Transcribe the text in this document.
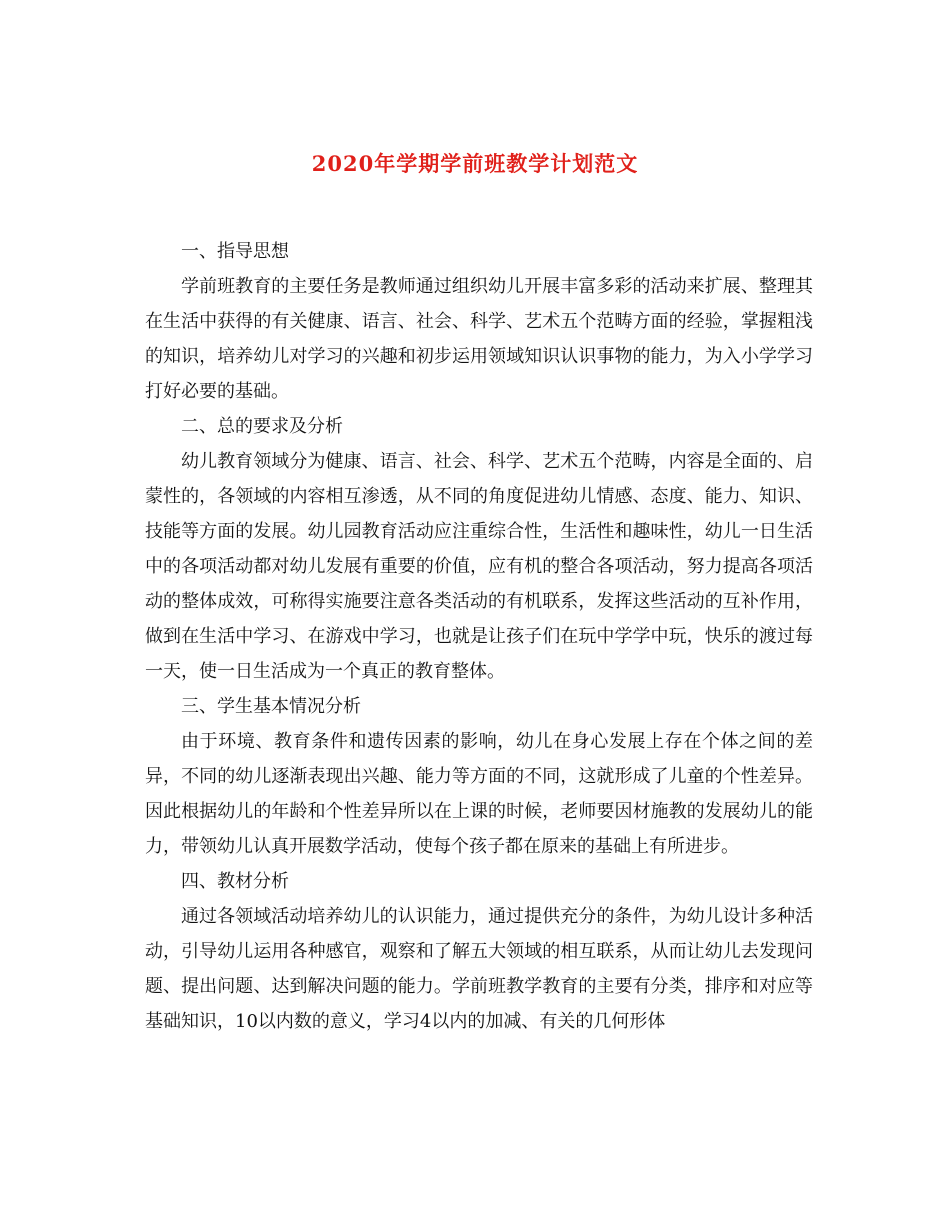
2020年学期学前班教学计划范文

一、指导思想

学前班教育的主要任务是教师通过组织幼儿开展丰富多彩的活动来扩展、整理其在生活中获得的有关健康、语言、社会、科学、艺术五个范畴方面的经验，掌握粗浅的知识，培养幼儿对学习的兴趣和初步运用领域知识认识事物的能力，为入小学学习打好必要的基础。

二、总的要求及分析

幼儿教育领域分为健康、语言、社会、科学、艺术五个范畴，内容是全面的、启蒙性的，各领域的内容相互渗透，从不同的角度促进幼儿情感、态度、能力、知识、技能等方面的发展。幼儿园教育活动应注重综合性，生活性和趣味性，幼儿一日生活中的各项活动都对幼儿发展有重要的价值，应有机的整合各项活动，努力提高各项活动的整体成效，可称得实施要注意各类活动的有机联系，发挥这些活动的互补作用，做到在生活中学习、在游戏中学习，也就是让孩子们在玩中学学中玩，快乐的渡过每一天，使一日生活成为一个真正的教育整体。

三、学生基本情况分析

由于环境、教育条件和遗传因素的影响，幼儿在身心发展上存在个体之间的差异，不同的幼儿逐渐表现出兴趣、能力等方面的不同，这就形成了儿童的个性差异。因此根据幼儿的年龄和个性差异所以在上课的时候，老师要因材施教的发展幼儿的能力，带领幼儿认真开展数学活动，使每个孩子都在原来的基础上有所进步。

四、教材分析

通过各领域活动培养幼儿的认识能力，通过提供充分的条件，为幼儿设计多种活动，引导幼儿运用各种感官，观察和了解五大领域的相互联系，从而让幼儿去发现问题、提出问题、达到解决问题的能力。学前班教学教育的主要有分类，排序和对应等基础知识，10以内数的意义，学习4以内的加减、有关的几何形体
